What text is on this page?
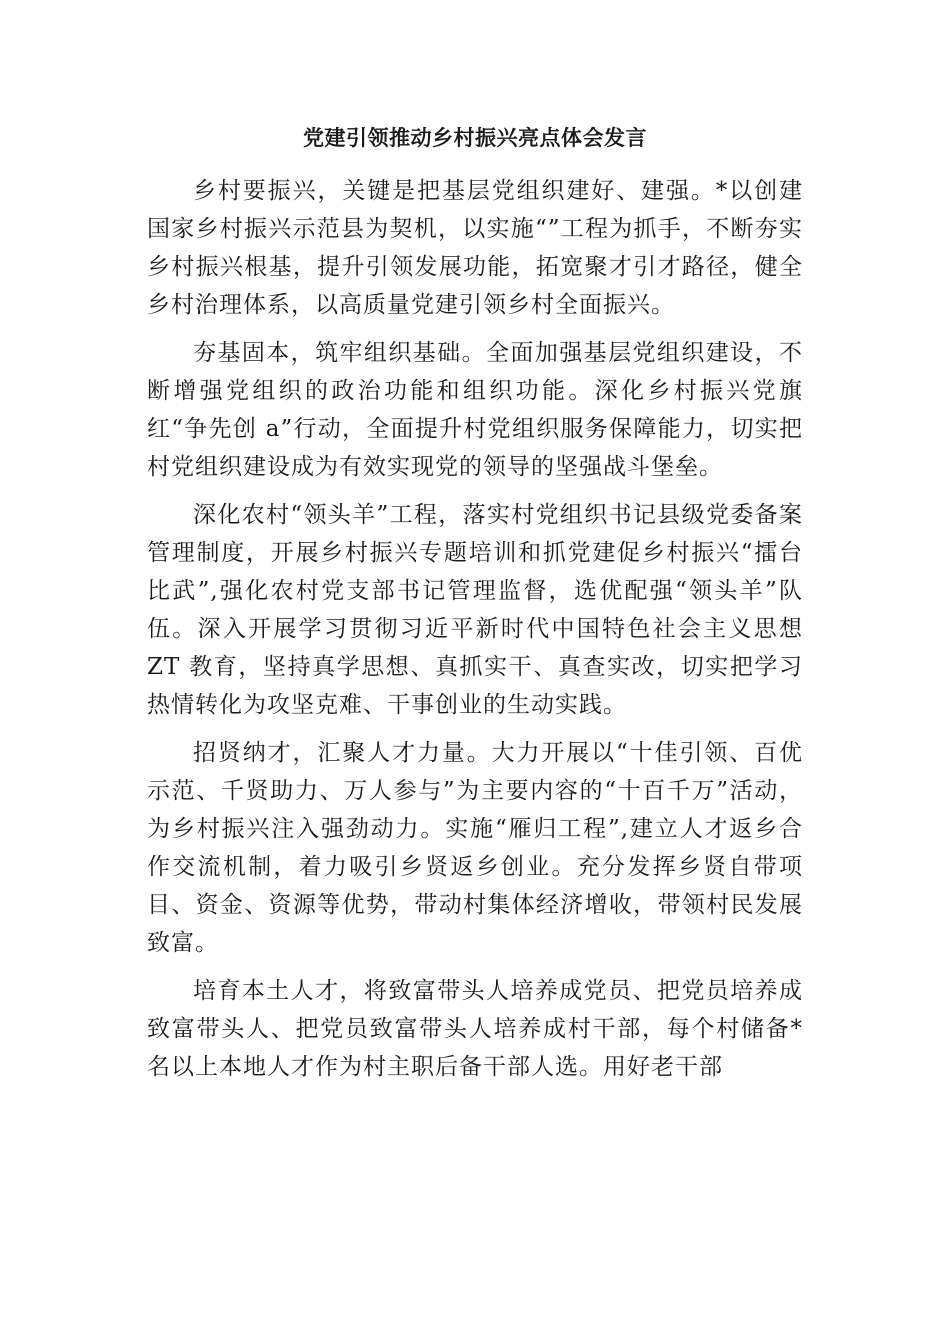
党建引领推动乡村振兴亮点体会发言

乡村要振兴，关键是把基层党组织建好、建强。*以创建国家乡村振兴示范县为契机，以实施“”工程为抓手，不断夯实乡村振兴根基，提升引领发展功能，拓宽聚才引才路径，健全乡村治理体系，以高质量党建引领乡村全面振兴。

夯基固本，筑牢组织基础。全面加强基层党组织建设，不断增强党组织的政治功能和组织功能。深化乡村振兴党旗红“争先创 a”行动，全面提升村党组织服务保障能力，切实把村党组织建设成为有效实现党的领导的坚强战斗堡垒。

深化农村“领头羊”工程，落实村党组织书记县级党委备案管理制度，开展乡村振兴专题培训和抓党建促乡村振兴“擂台比武”,强化农村党支部书记管理监督，选优配强“领头羊”队伍。深入开展学习贯彻习近平新时代中国特色社会主义思想 ZT 教育，坚持真学思想、真抓实干、真查实改，切实把学习热情转化为攻坚克难、干事创业的生动实践。

招贤纳才，汇聚人才力量。大力开展以“十佳引领、百优示范、千贤助力、万人参与”为主要内容的“十百千万”活动，为乡村振兴注入强劲动力。实施“雁归工程”,建立人才返乡合作交流机制，着力吸引乡贤返乡创业。充分发挥乡贤自带项目、资金、资源等优势，带动村集体经济增收，带领村民发展致富。

培育本土人才，将致富带头人培养成党员、把党员培养成致富带头人、把党员致富带头人培养成村干部，每个村储备*名以上本地人才作为村主职后备干部人选。用好老干部
